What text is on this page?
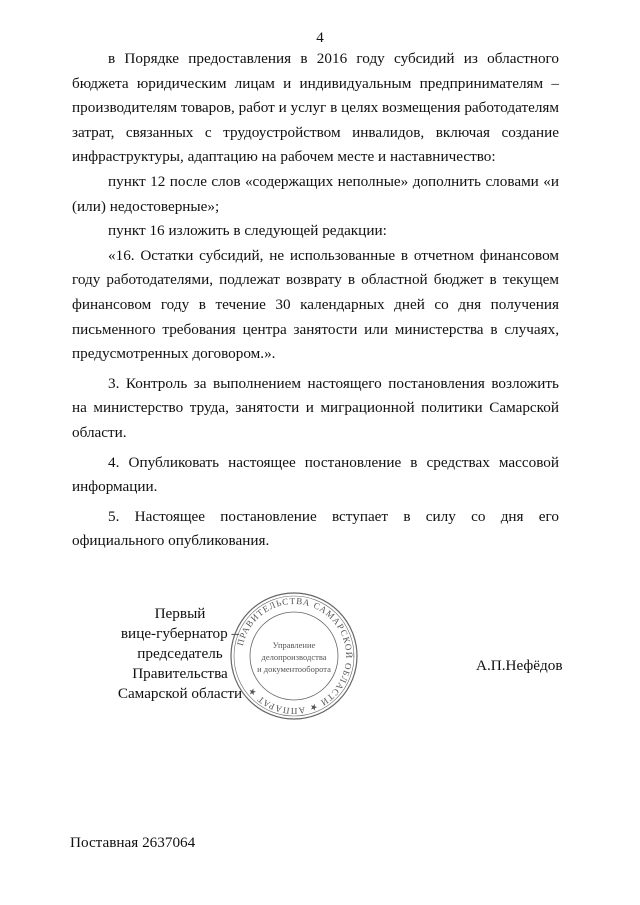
4

в Порядке предоставления в 2016 году субсидий из областного бюджета юридическим лицам и индивидуальным предпринимателям – производителям товаров, работ и услуг в целях возмещения работодателям затрат, связанных с трудоустройством инвалидов, включая создание инфраструктуры, адаптацию на рабочем месте и наставничество:

пункт 12 после слов «содержащих неполные» дополнить словами «и (или) недостоверные»;

пункт 16 изложить в следующей редакции:

«16. Остатки субсидий, не использованные в отчетном финансовом году работодателями, подлежат возврату в областной бюджет в текущем финансовом году в течение 30 календарных дней со дня получения письменного требования центра занятости или министерства в случаях, предусмотренных договором.».

3. Контроль за выполнением настоящего постановления возложить на министерство труда, занятости и миграционной политики Самарской области.

4. Опубликовать настоящее постановление в средствах массовой информации.

5. Настоящее постановление вступает в силу со дня его официального опубликования.

Первый
вице-губернатор –
председатель Правительства
Самарской области
ПРАВИТЕЛЬСТВА САМАРСКОЙ ОБЛАСТИ ★ АППАРАТ ★
Управление
делопроизводства
и документооборота	А.П.Нефёдов
Поставная 2637064
